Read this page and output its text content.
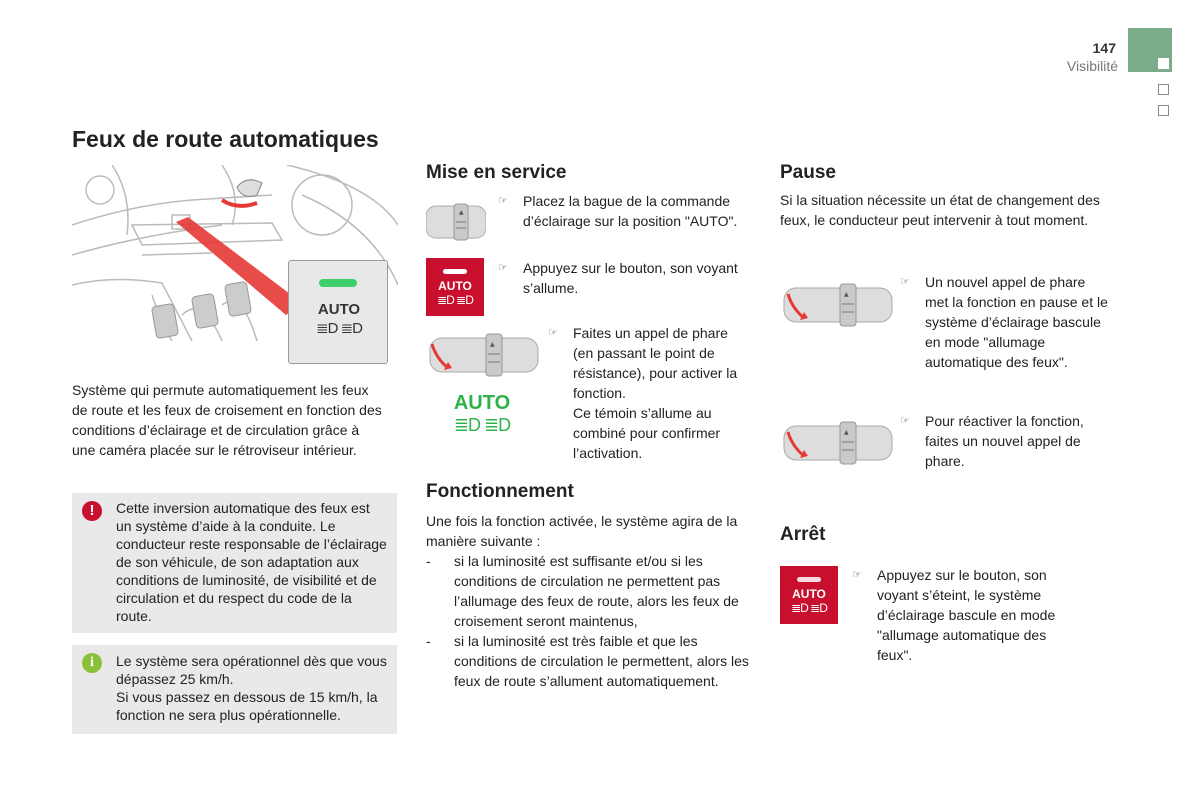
147
Visibilité
Feux de route automatiques
AUTO
≣D ≣D

Système qui permute automatiquement les feux de route et les feux de croisement en fonction des conditions d’éclairage et de circulation grâce à une caméra placée sur le rétroviseur intérieur.

!	Cette inversion automatique des feux est un système d’aide à la conduite. Le conducteur reste responsable de l’éclairage de son véhicule, de son adaptation aux conditions de luminosité, de visibilité et de circulation et du respect du code de la route.
i	Le système sera opérationnel dès que vous dépassez 25 km/h.
Si vous passez en dessous de 15 km/h, la fonction ne sera plus opérationnelle.
Mise en service
▲
☞ Placez la bague de la commande d’éclairage sur la position "AUTO".
AUTO
≣D ≣D
☞ Appuyez sur le bouton, son voyant s’allume.
▲
AUTO
≣D ≣D
☞ Faites un appel de phare (en passant le point de résistance), pour activer la fonction.
Ce témoin s’allume au combiné pour confirmer l’activation.
Fonctionnement

Une fois la fonction activée, le système agira de la manière suivante :

- si la luminosité est suffisante et/ou si les conditions de circulation ne permettent pas l’allumage des feux de route, alors les feux de croisement seront maintenus,
- si la luminosité est très faible et que les conditions de circulation le permettent, alors les feux de route s’allument automatiquement.
Pause

Si la situation nécessite un état de changement des feux, le conducteur peut intervenir à tout moment.

▲
☞ Un nouvel appel de phare met la fonction en pause et le système d’éclairage bascule en mode "allumage automatique des feux".
▲
☞ Pour réactiver la fonction, faites un nouvel appel de phare.
Arrêt
AUTO
≣D ≣D
☞ Appuyez sur le bouton, son voyant s’éteint, le système d’éclairage bascule en mode "allumage automatique des feux".
